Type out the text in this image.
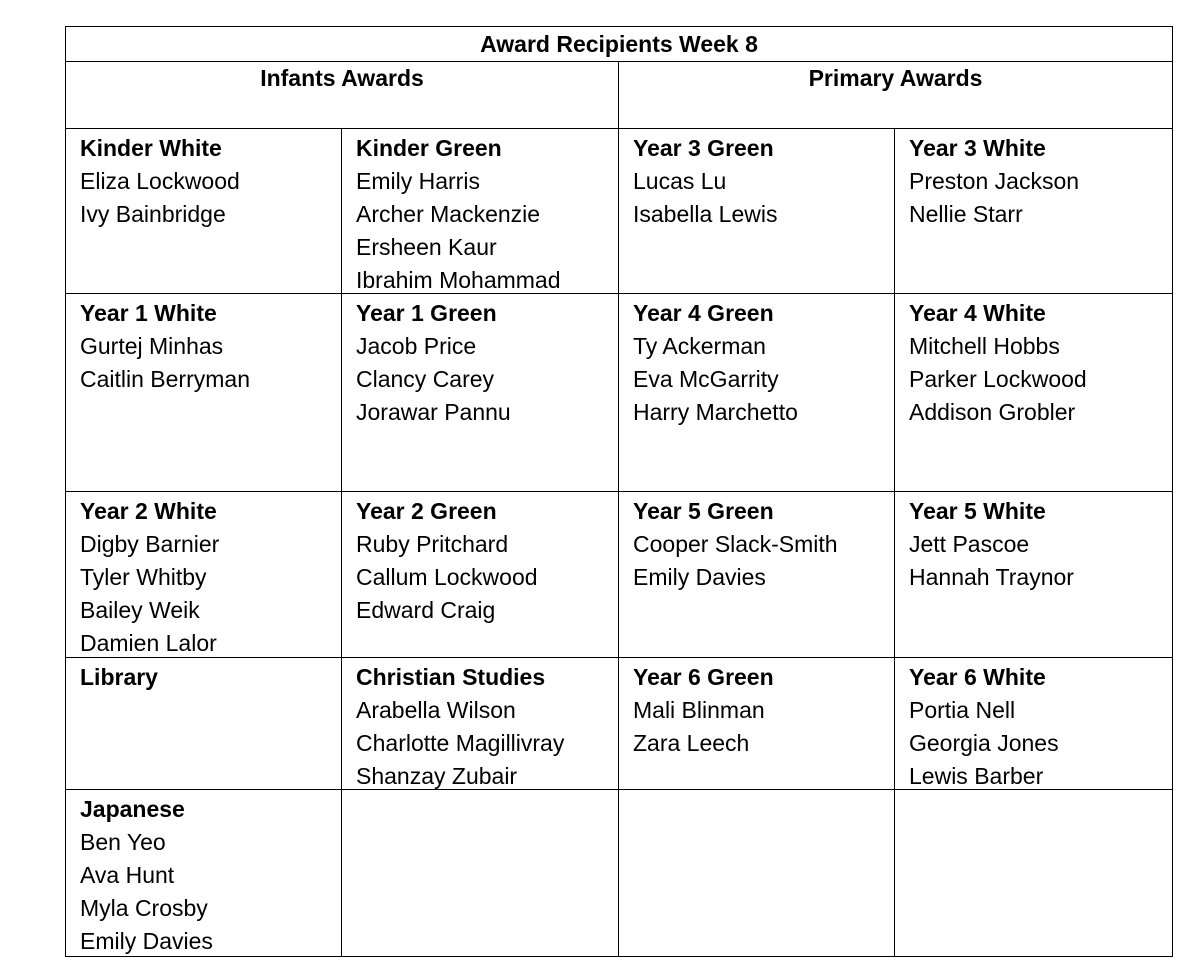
Award Recipients Week 8
Infants Awards	Primary Awards
Kinder White
Eliza Lockwood
Ivy Bainbridge
Kinder Green
Emily Harris
Archer Mackenzie
Ersheen Kaur
Ibrahim Mohammad
Year 3 Green
Lucas Lu
Isabella Lewis
Year 3 White
Preston Jackson
Nellie Starr
Year 1 White
Gurtej Minhas
Caitlin Berryman
Year 1 Green
Jacob Price
Clancy Carey
Jorawar Pannu
Year 4 Green
Ty Ackerman
Eva McGarrity
Harry Marchetto
Year 4 White
Mitchell Hobbs
Parker Lockwood
Addison Grobler
Year 2 White
Digby Barnier
Tyler Whitby
Bailey Weik
Damien Lalor
Year 2 Green
Ruby Pritchard
Callum Lockwood
Edward Craig
Year 5 Green
Cooper Slack-Smith
Emily Davies
Year 5 White
Jett Pascoe
Hannah Traynor
Library	Christian Studies
Arabella Wilson
Charlotte Magillivray
Shanzay Zubair
Year 6 Green
Mali Blinman
Zara Leech
Year 6 White
Portia Nell
Georgia Jones
Lewis Barber
Japanese
Ben Yeo
Ava Hunt
Myla Crosby
Emily Davies
